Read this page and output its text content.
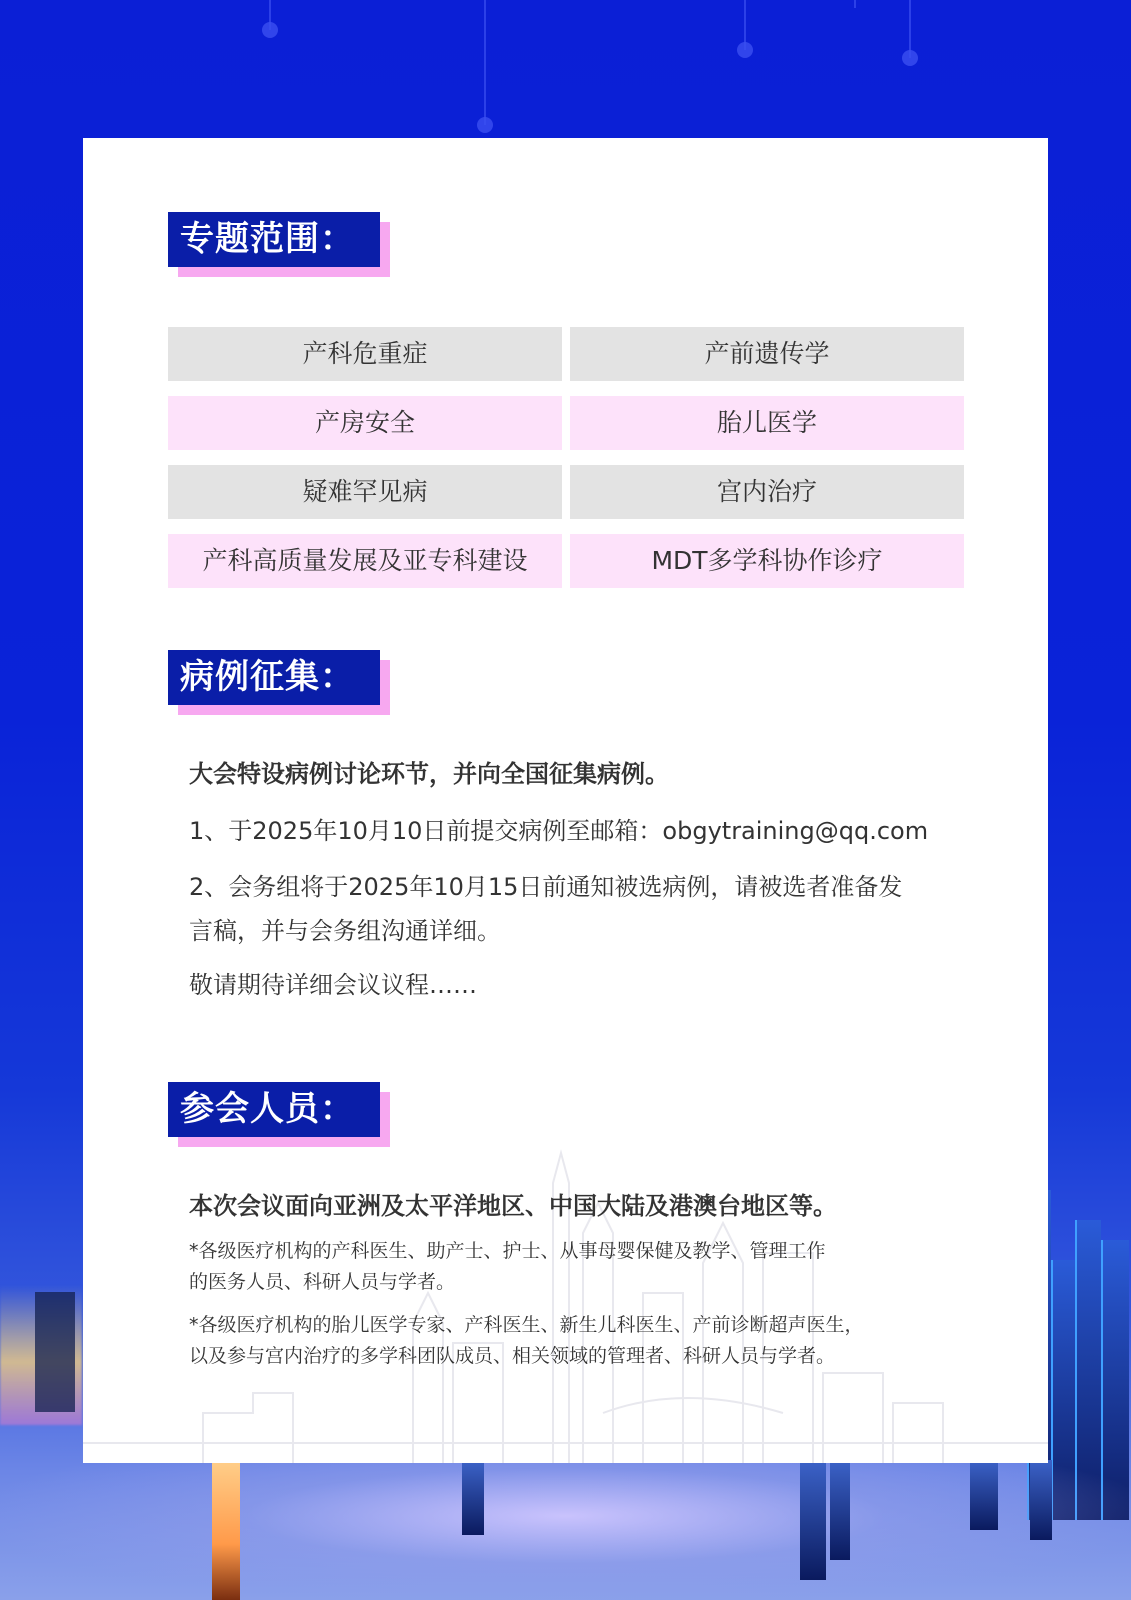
专题范围：
产科危重症	产前遗传学
产房安全	胎儿医学
疑难罕见病	宫内治疗
产科高质量发展及亚专科建设	MDT多学科协作诊疗
病例征集：
大会特设病例讨论环节，并向全国征集病例。
1、于2025年10月10日前提交病例至邮箱：obgytraining@qq.com
2、会务组将于2025年10月15日前通知被选病例，请被选者准备发
言稿，并与会务组沟通详细。
敬请期待详细会议议程……
参会人员：
本次会议面向亚洲及太平洋地区、中国大陆及港澳台地区等。
*各级医疗机构的产科医生、助产士、护士、从事母婴保健及教学、管理工作
的医务人员、科研人员与学者。
*各级医疗机构的胎儿医学专家、产科医生、新生儿科医生、产前诊断超声医生，
以及参与宫内治疗的多学科团队成员、相关领域的管理者、科研人员与学者。
